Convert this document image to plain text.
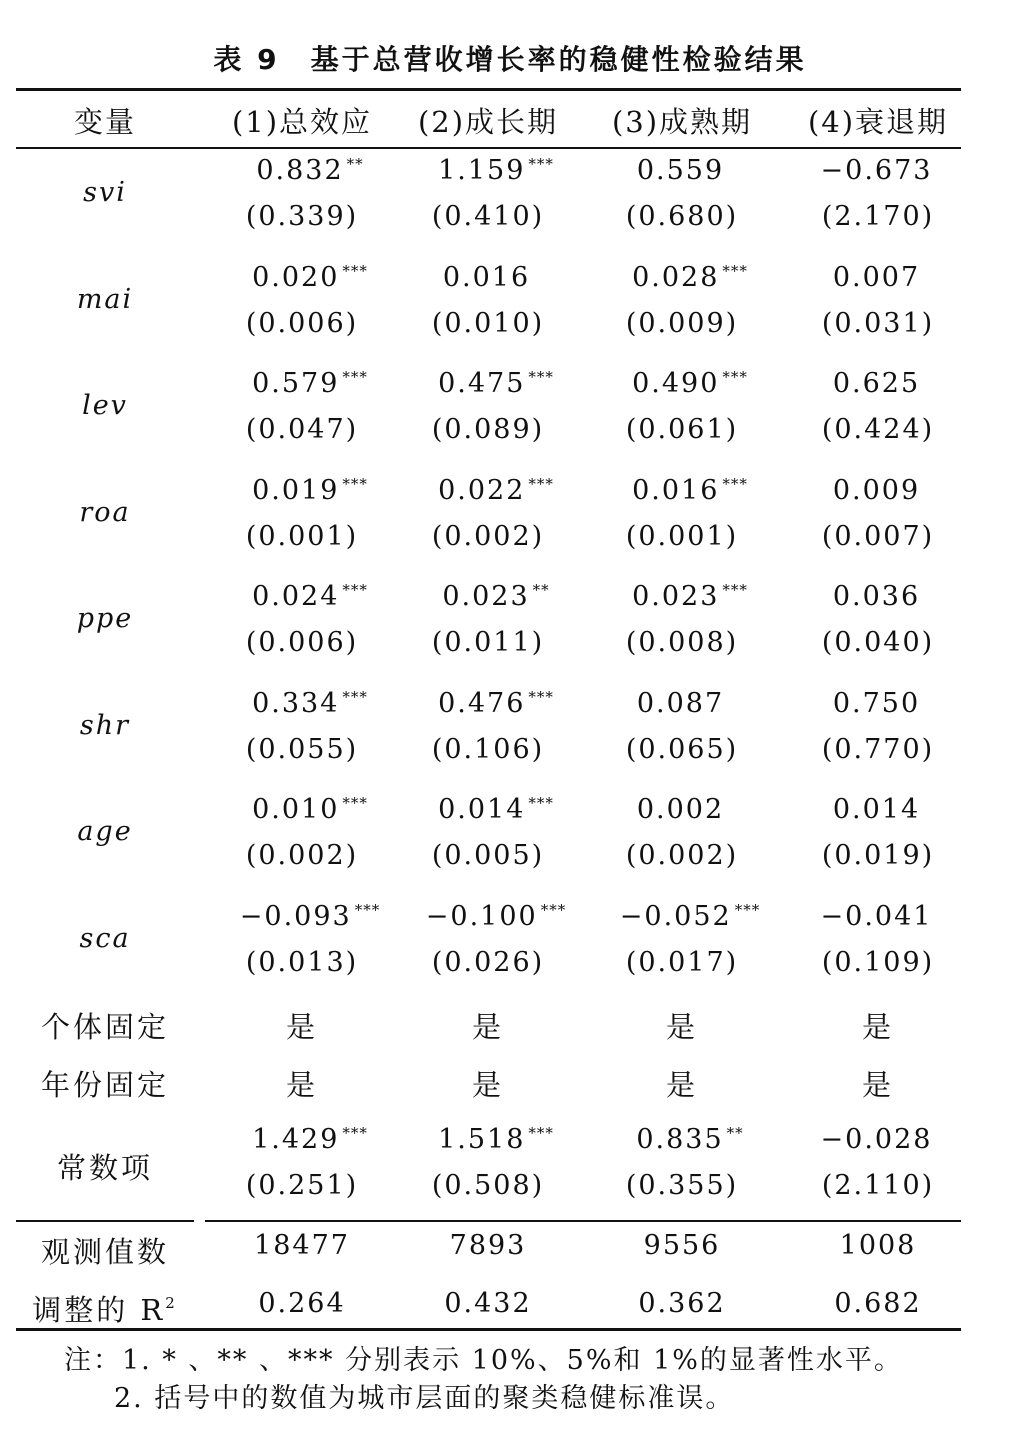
表 9　基于总营收增长率的稳健性检验结果
变量	(1)总效应 (2)成长期 (3)成熟期 (4)衰退期
svi
0.832 **	1.159 ***	0.559	−0.673
(0.339)	(0.410)	(0.680)	(2.170)
mai
0.020 ***	0.016	0.028 ***	0.007
(0.006)	(0.010)	(0.009)	(0.031)
lev
0.579 ***	0.475 ***	0.490 ***	0.625
(0.047)	(0.089)	(0.061)	(0.424)
roa
0.019 ***	0.022 ***	0.016 ***	0.009
(0.001)	(0.002)	(0.001)	(0.007)
ppe
0.024 ***	0.023 **	0.023 ***	0.036
(0.006)	(0.011)	(0.008)	(0.040)
shr
0.334 ***	0.476 ***	0.087	0.750
(0.055)	(0.106)	(0.065)	(0.770)
age
0.010 ***	0.014 ***	0.002	0.014
(0.002)	(0.005)	(0.002)	(0.019)
sca
−0.093 *** −0.100 *** −0.052 *** −0.041
(0.013)	(0.026)	(0.017)	(0.109)
个体固定	是	是	是	是
年份固定	是	是	是	是
常数项
1.429 ***	1.518 ***	0.835 **	−0.028
(0.251)	(0.508)	(0.355)	(2.110)
观测值数	18477	7893	9556	1008
调整的 $R^2$	0.264	0.432	0.362	0.682
注：1. * 、** 、*** 分别表示 10%、5%和 1%的显著性水平。
2. 括号中的数值为城市层面的聚类稳健标准误。
